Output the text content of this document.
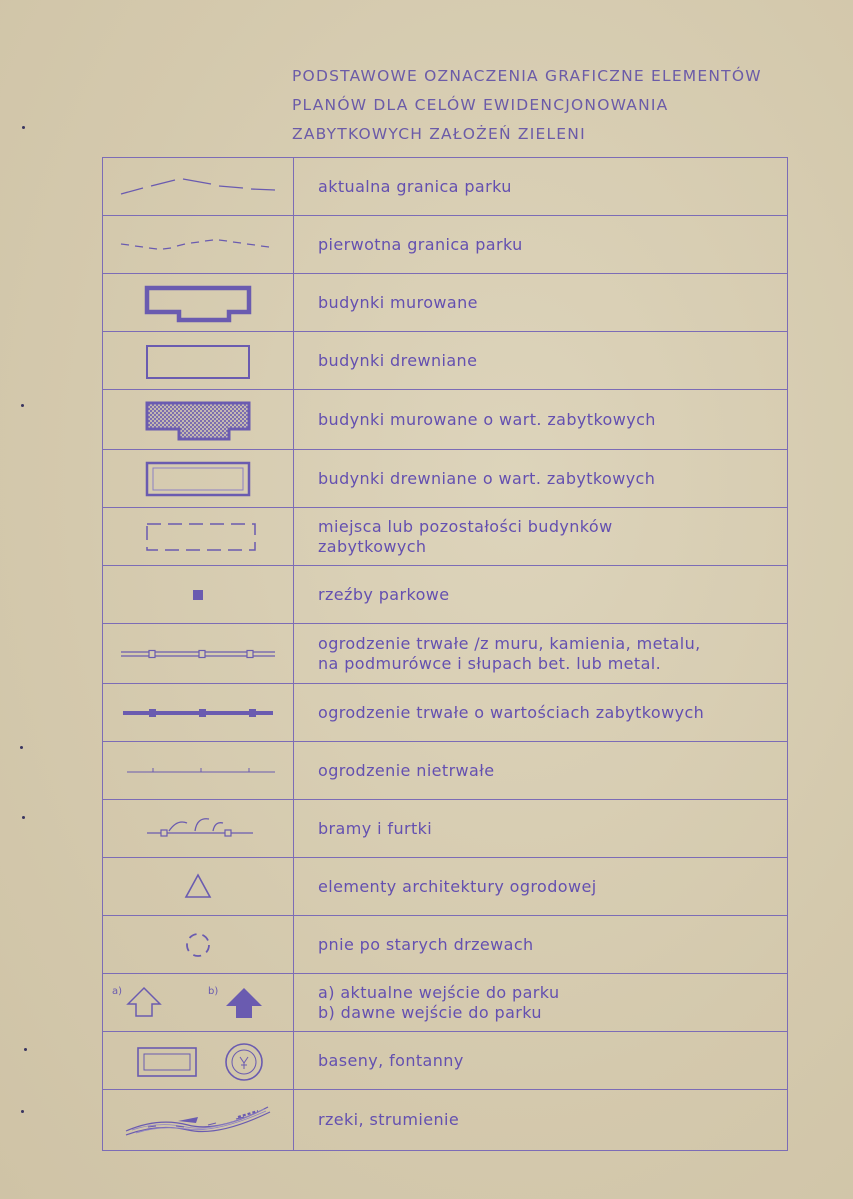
PODSTAWOWE OZNACZENIA GRAFICZNE ELEMENTÓW
PLANÓW DLA CELÓW EWIDENCJONOWANIA
ZABYTKOWYCH ZAŁOŻEŃ ZIELENI
aktualna granica parku
pierwotna granica parku
budynki murowane
budynki drewniane
budynki murowane o wart. zabytkowych
budynki drewniane o wart. zabytkowych
miejsca lub pozostałości budynków
zabytkowych
rzeźby parkowe
ogrodzenie trwałe /z muru, kamienia, metalu,
na podmurówce i słupach bet. lub metal.
ogrodzenie trwałe o wartościach zabytkowych
ogrodzenie nietrwałe
bramy i furtki
elementy architektury ogrodowej
pnie po starych drzewach
a)	b)	a) aktualne wejście do parku
b) dawne wejście do parku
baseny, fontanny
rzeki, strumienie
